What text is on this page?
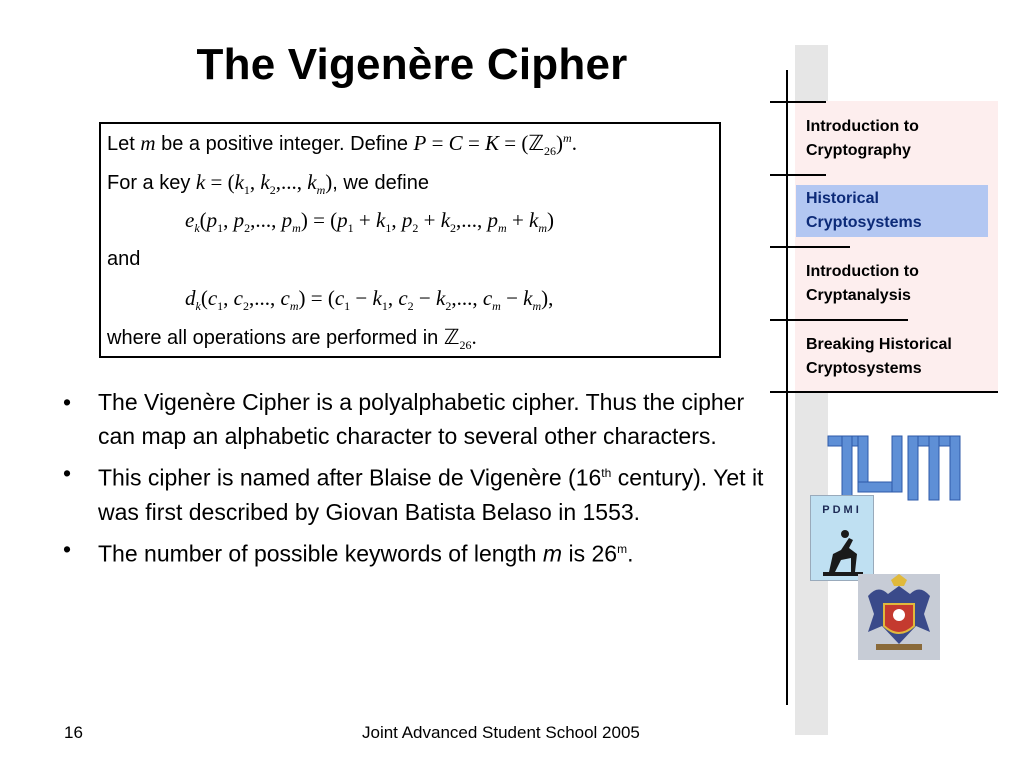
Introduction to
Cryptography
Historical
Cryptosystems
Introduction to
Cryptanalysis
Breaking Historical
Cryptosystems
The Vigenère Cipher
Let m be a positive integer. Define P = C = K = (ℤ$_{26}$)$^m$.
For a key $k = (k_1$, $k_2$,..., $k_m$), we define
$e_k(p_1$, $p_2$,..., $p_m) = (p_1 + k_1$, $p_2 + k_2$,..., $p_m + k_m$)
and
$d_k(c_1$, $c_2$,..., $c_m) = (c_1 - k_1$, $c_2 - k_2$,..., $c_m - k_m$),
where all operations are performed in ℤ$_{26}$.
• The Vigenère Cipher is a polyalphabetic cipher. Thus the cipher can map an alphabetic character to several other characters.
• This cipher is named after Blaise de Vigenère (16th century). Yet it was first described by Giovan Batista Belaso in 1553.
• The number of possible keywords of length m is 26$^m$.
PDMI
16	Joint Advanced Student School 2005
